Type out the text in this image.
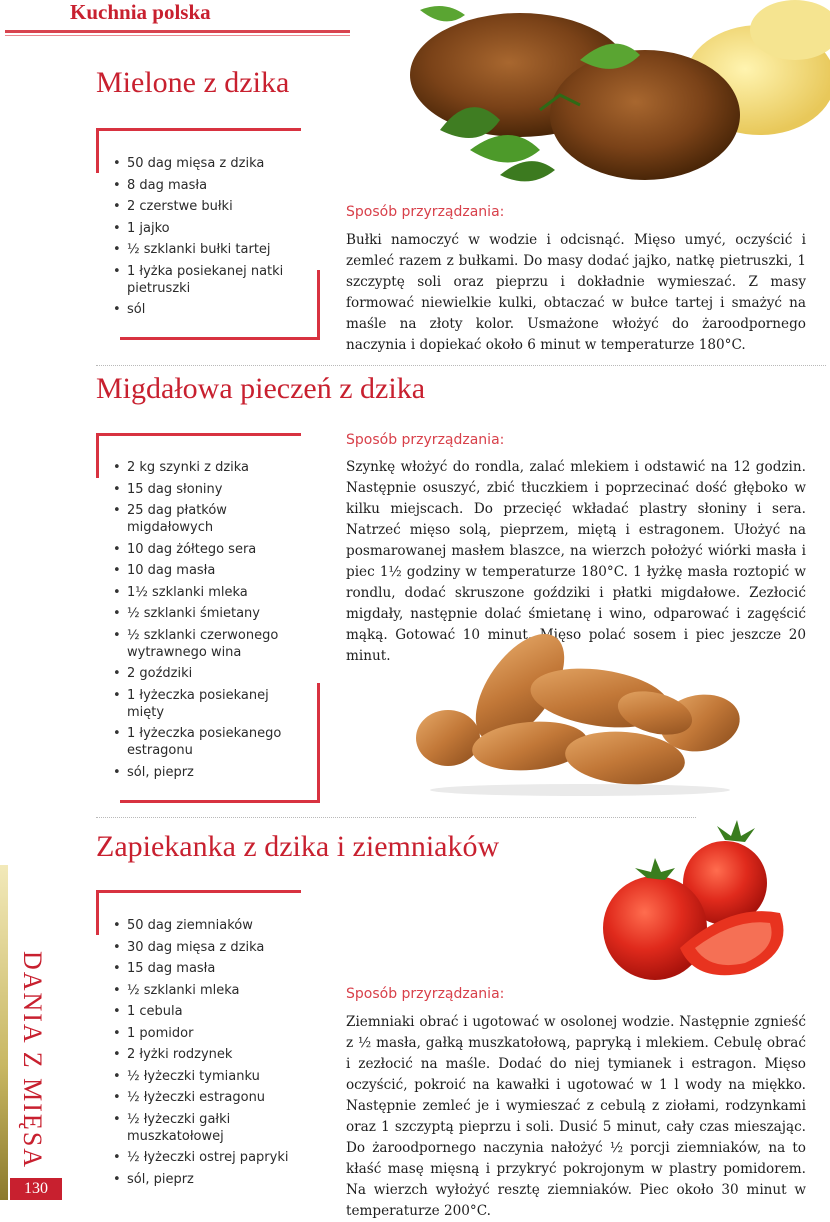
Kuchnia polska
Mielone z dzika
• 50 dag mięsa z dzika
• 8 dag masła
• 2 czerstwe bułki
• 1 jajko
• ½ szklanki bułki tartej
• 1 łyżka posiekanej natki pietruszki
• sól
Sposób przyrządzania:
Bułki namoczyć w wodzie i odcisnąć. Mięso umyć, oczyścić i zemleć razem z bułkami. Do masy dodać jajko, natkę pietruszki, 1 szczyptę soli oraz pieprzu i dokładnie wymieszać. Z masy formować niewielkie kulki, obtaczać w bułce tartej i smażyć na maśle na złoty kolor. Usmażone włożyć do żaroodpornego naczynia i dopiekać około 6 minut w temperaturze 180°C.
Migdałowa pieczeń z dzika
• 2 kg szynki z dzika
• 15 dag słoniny
• 25 dag płatków migdałowych
• 10 dag żółtego sera
• 10 dag masła
• 1½ szklanki mleka
• ½ szklanki śmietany
• ½ szklanki czerwonego wytrawnego wina
• 2 goździki
• 1 łyżeczka posiekanej mięty
• 1 łyżeczka posiekanego estragonu
• sól, pieprz
Sposób przyrządzania:
Szynkę włożyć do rondla, zalać mlekiem i odstawić na 12 godzin. Następnie osuszyć, zbić tłuczkiem i poprzecinać dość głęboko w kilku miejscach. Do przecięć wkładać plastry słoniny i sera. Natrzeć mięso solą, pieprzem, miętą i estragonem. Ułożyć na posmarowanej masłem blaszce, na wierzch położyć wiórki masła i piec 1½ godziny w temperaturze 180°C. 1 łyżkę masła roztopić w rondlu, dodać skruszone goździki i płatki migdałowe. Zezłocić migdały, następnie dolać śmietanę i wino, odparować i zagęścić mąką. Gotować 10 minut. Mięso polać sosem i piec jeszcze 20 minut.
Zapiekanka z dzika i ziemniaków
• 50 dag ziemniaków
• 30 dag mięsa z dzika
• 15 dag masła
• ½ szklanki mleka
• 1 cebula
• 1 pomidor
• 2 łyżki rodzynek
• ½ łyżeczki tymianku
• ½ łyżeczki estragonu
• ½ łyżeczki gałki muszkatołowej
• ½ łyżeczki ostrej papryki
• sól, pieprz
Sposób przyrządzania:
Ziemniaki obrać i ugotować w osolonej wodzie. Następnie zgnieść z ½ masła, gałką muszkatołową, papryką i mlekiem. Cebulę obrać i zezłocić na maśle. Dodać do niej tymianek i estragon. Mięso oczyścić, pokroić na kawałki i ugotować w 1 l wody na miękko. Następnie zemleć je i wymieszać z cebulą z ziołami, rodzynkami oraz 1 szczyptą pieprzu i soli. Dusić 5 minut, cały czas mieszając. Do żaroodpornego naczynia nałożyć ½ porcji ziemniaków, na to kłaść masę mięsną i przykryć pokrojonym w plastry pomidorem. Na wierzch wyłożyć resztę ziemniaków. Piec około 30 minut w temperaturze 200°C.
DANIA Z MIĘSA
130
